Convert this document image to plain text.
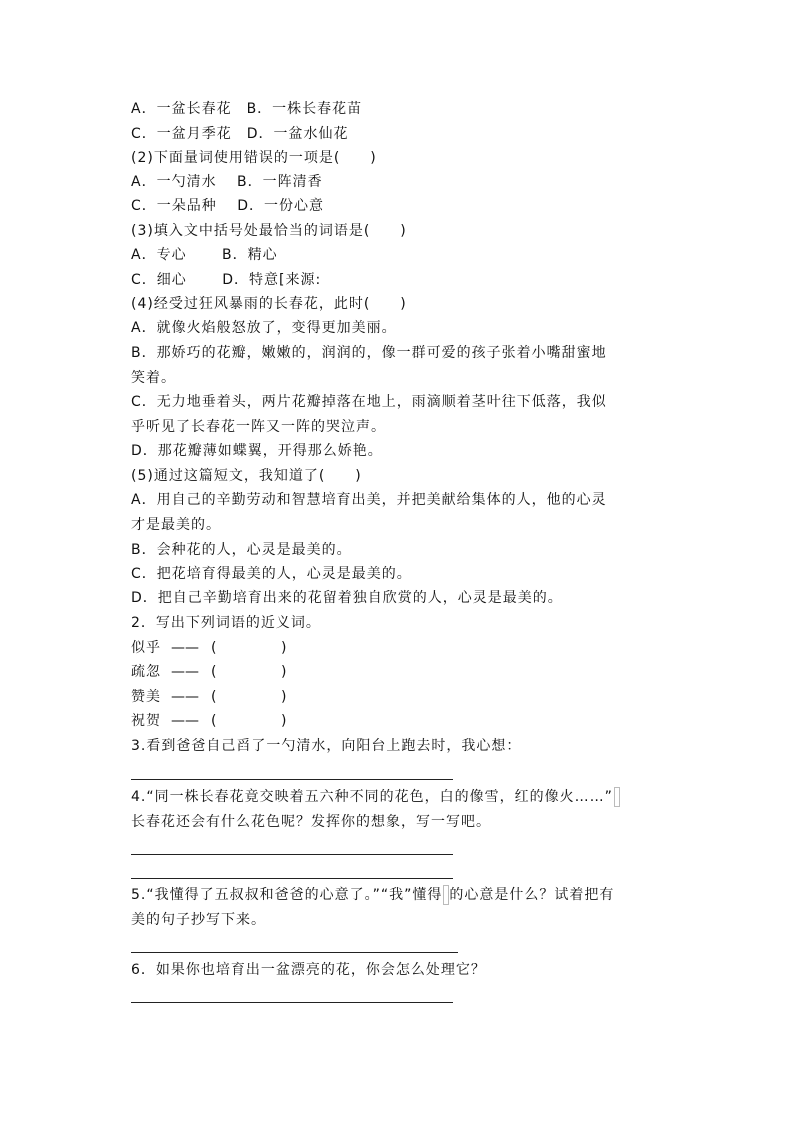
A．一盆长春花　B．一株长春花苗
C．一盆月季花　D．一盆水仙花
(2)下面量词使用错误的一项是(　　)
A．一勺清水　 B．一阵清香
C．一朵品种　 D．一份心意
(3)填入文中括号处最恰当的词语是(　　)
A．专心　　 B．精心
C．细心　　 D．特意[来源:
(4)经受过狂风暴雨的长春花，此时(　　)
A．就像火焰般怒放了，变得更加美丽。
B．那娇巧的花瓣，嫩嫩的，润润的，像一群可爱的孩子张着小嘴甜蜜地
笑着。
C．无力地垂着头，两片花瓣掉落在地上，雨滴顺着茎叶往下低落，我似
乎听见了长春花一阵又一阵的哭泣声。
D．那花瓣薄如蝶翼，开得那么娇艳。
(5)通过这篇短文，我知道了(　　)
A．用自己的辛勤劳动和智慧培育出美，并把美献给集体的人，他的心灵
才是最美的。
B．会种花的人，心灵是最美的。
C．把花培育得最美的人，心灵是最美的。
D．把自己辛勤培育出来的花留着独自欣赏的人，心灵是最美的。
2．写出下列词语的近义词。
似乎 —— (	)
疏忽 —— (	)
赞美 —— (	)
祝贺 —— (	)
3.看到爸爸自己舀了一勺清水，向阳台上跑去时，我心想：
4.“同一株长春花竟交映着五六种不同的花色，白的像雪，红的像火……”
长春花还会有什么花色呢？发挥你的想象，写一写吧。
5.“我懂得了五叔叔和爸爸的心意了。”“我”懂得 的心意是什么？试着把有
美的句子抄写下来。
6．如果你也培育出一盆漂亮的花，你会怎么处理它？
